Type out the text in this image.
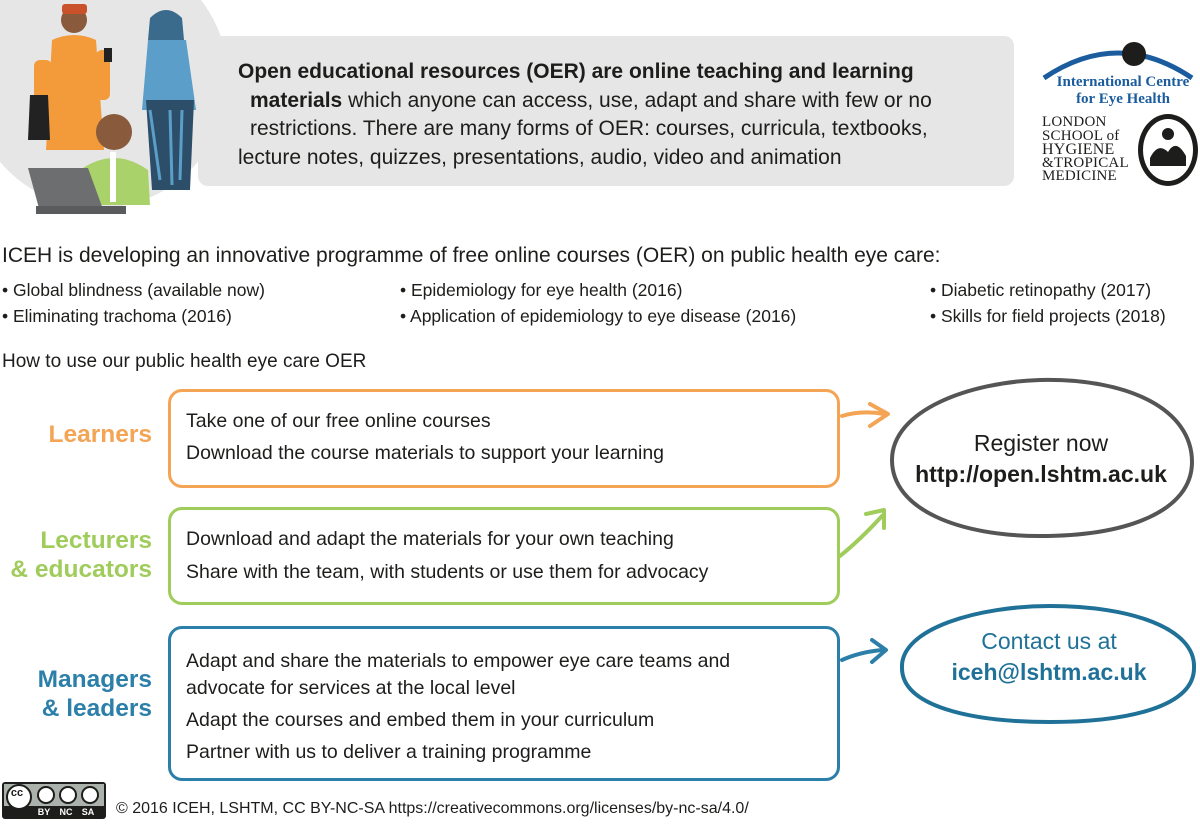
Open educational resources (OER) are online teaching and learning
materials which anyone can access, use, adapt and share with few or no
restrictions. There are many forms of OER: courses, curricula, textbooks,
lecture notes, quizzes, presentations, audio, video and animation
International Centre
for Eye Health
LONDON
SCHOOL of
HYGIENE
&TROPICAL
MEDICINE
ICEH is developing an innovative programme of free online courses (OER) on public health eye care:
• Global blindness (available now)
• Eliminating trachoma (2016)
• Epidemiology for eye health (2016)
• Application of epidemiology to eye disease (2016)
• Diabetic retinopathy (2017)
• Skills for field projects (2018)
How to use our public health eye care OER
Learners Take one of our free online courses
Download the course materials to support your learning
Lecturers
& educators
Download and adapt the materials for your own teaching
Share with the team, with students or use them for advocacy
Managers
& leaders
Adapt and share the materials to empower eye care teams and
advocate for services at the local level
Adapt the courses and embed them in your curriculum
Partner with us to deliver a training programme
Register now
http://open.lshtm.ac.uk
Contact us at
iceh@lshtm.ac.uk
cc
BY	NC	SA © 2016 ICEH, LSHTM, CC BY-NC-SA https://creativecommons.org/licenses/by-nc-sa/4.0/
